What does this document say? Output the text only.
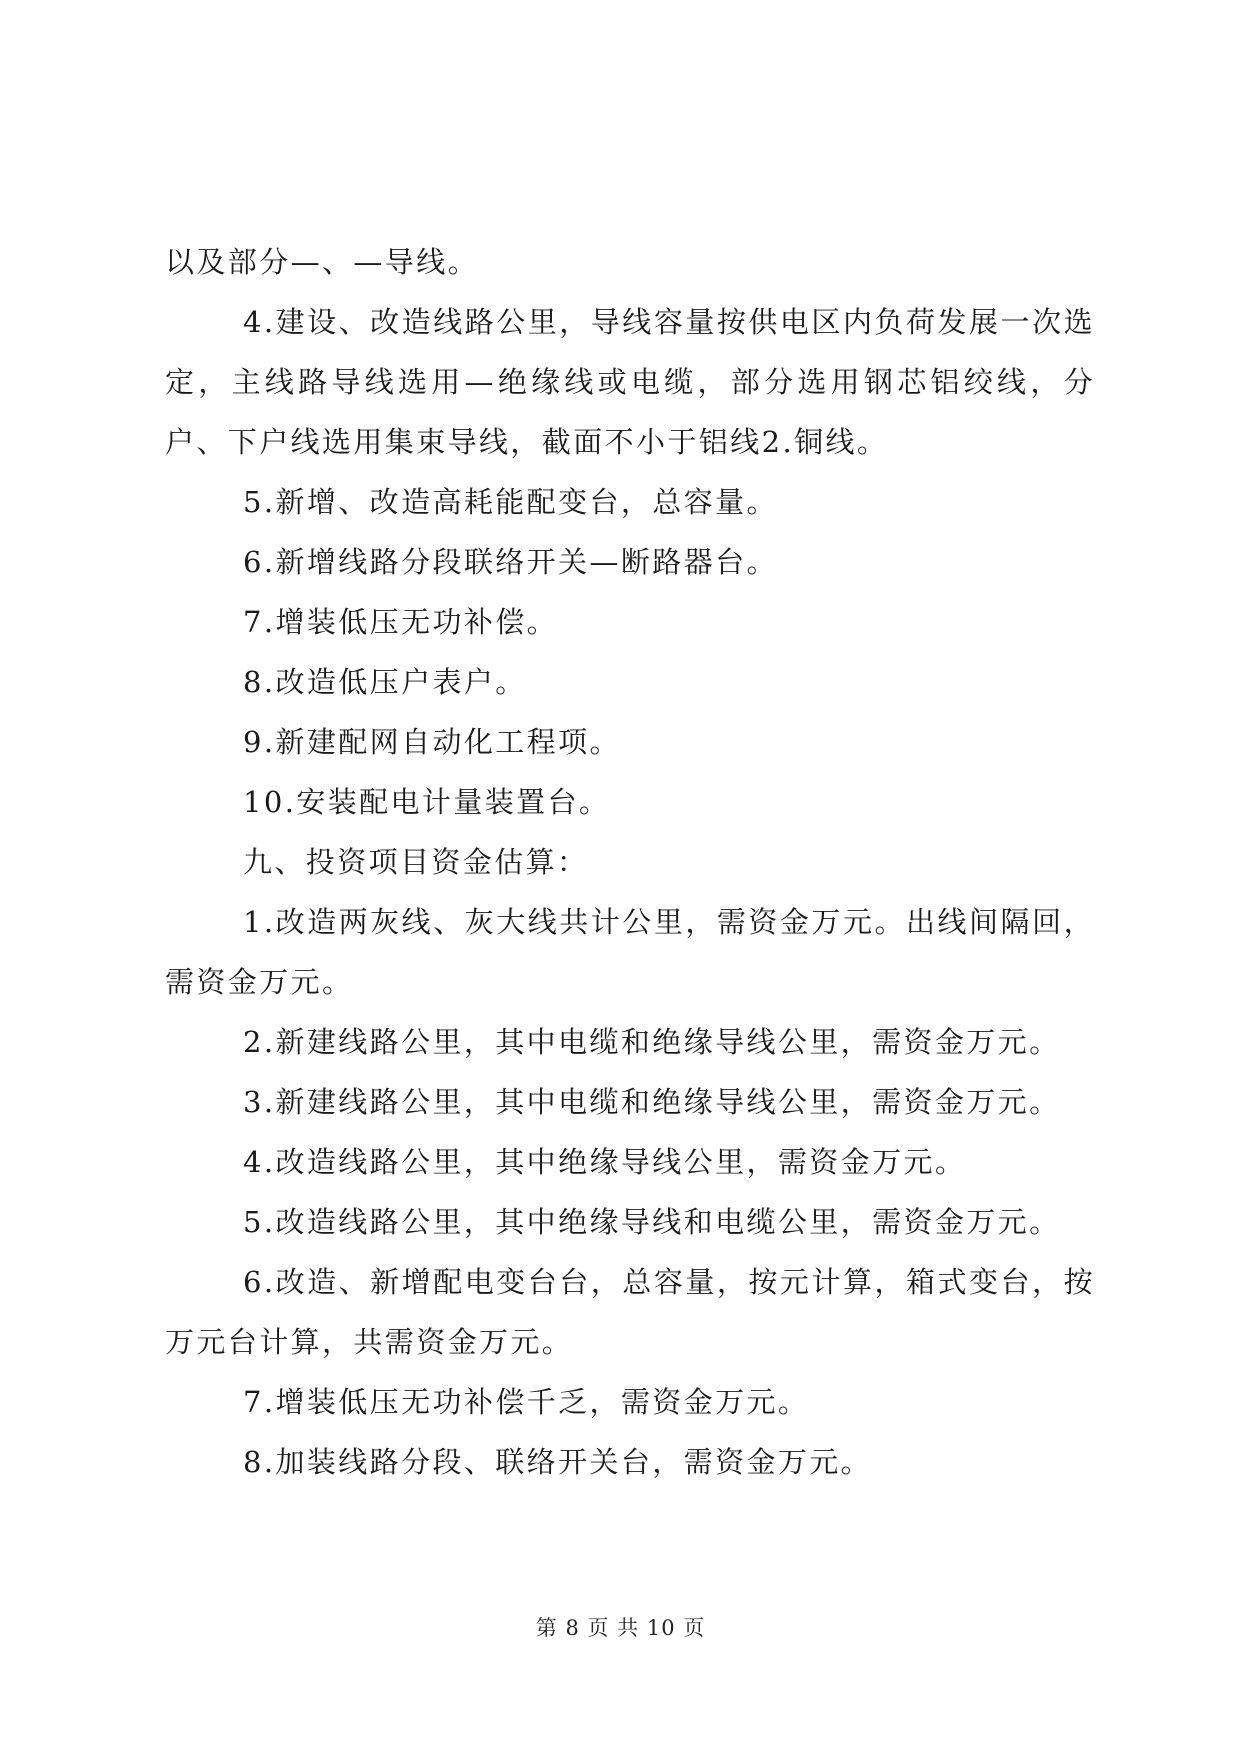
以及部分—、—导线。

4.建设、改造线路公里，导线容量按供电区内负荷发展一次选定，主线路导线选用—绝缘线或电缆，部分选用钢芯铝绞线，分户、下户线选用集束导线，截面不小于铝线2.铜线。

5.新增、改造高耗能配变台，总容量。

6.新增线路分段联络开关—断路器台。

7.增装低压无功补偿。

8.改造低压户表户。

9.新建配网自动化工程项。

10.安装配电计量装置台。

九、投资项目资金估算：

1.改造两灰线、灰大线共计公里，需资金万元。出线间隔回，需资金万元。

2.新建线路公里，其中电缆和绝缘导线公里，需资金万元。

3.新建线路公里，其中电缆和绝缘导线公里，需资金万元。

4.改造线路公里，其中绝缘导线公里，需资金万元。

5.改造线路公里，其中绝缘导线和电缆公里，需资金万元。

6.改造、新增配电变台台，总容量，按元计算，箱式变台，按万元台计算，共需资金万元。

7.增装低压无功补偿千乏，需资金万元。

8.加装线路分段、联络开关台，需资金万元。

第 8 页 共 10 页
